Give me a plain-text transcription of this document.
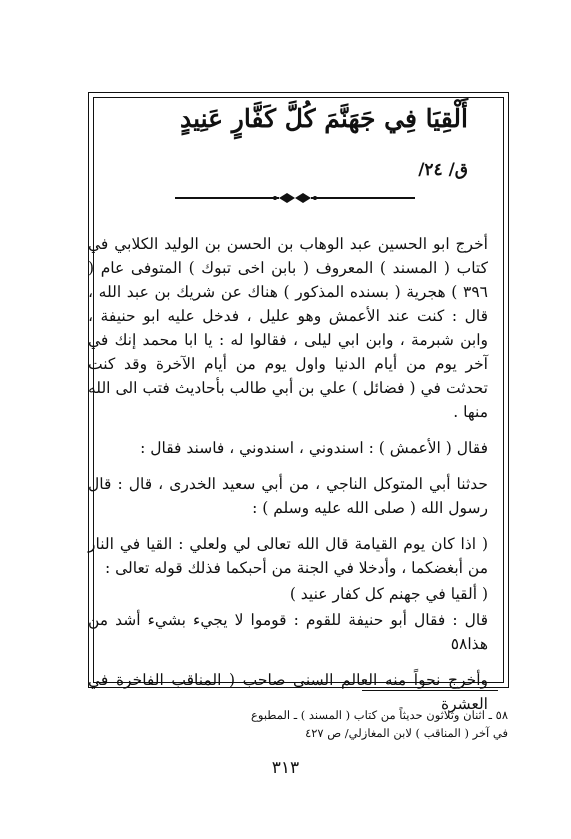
أَلْقِيَا فِي جَهَنَّمَ كُلَّ كَفَّارٍ عَنِيدٍ
ق/ ٢٤/

أخرج ابو الحسين عبد الوهاب بن الحسن بن الوليد الكلابي في كتاب ( المسند ) المعروف ( بابن اخى تبوك ) المتوفى عام ( ٣٩٦ ) هجرية ( بسنده المذكور ) هناك عن شريك بن عبد الله ، قال : كنت عند الأعمش وهو عليل ، فدخل عليه ابو حنيفة ، وابن شبرمة ، وابن ابي ليلى ، فقالوا له : يا ابا محمد إنك في آخر يوم من أيام الدنيا واول يوم من أيام الآخرة وقد كنت تحدثت في ( فضائل ) علي بن أبي طالب بأحاديث فتب الى الله منها .

فقال ( الأعمش ) : اسندوني ، اسندوني ، فاسند فقال :

حدثنا أبي المتوكل الناجي ، من أبي سعيد الخدرى ، قال : قال رسول الله ( صلى الله عليه وسلم ) :

( اذا كان يوم القيامة قال الله تعالى لي ولعلي : القيا في النار من أبغضكما ، وأدخلا في الجنة من أحبكما فذلك قوله تعالى :

( ألقيا في جهنم كل كفار عنيد )

قال : فقال أبو حنيفة للقوم : قوموا لا يجيء بشيء أشد من هذا٥٨

وأخرج نحواً منه العالم السنى صاحب ( المناقب الفاخرة في العشرة

٥٨ ـ اثنان وثلاثون حديثاً من كتاب ( المسند ) ـ المطبوع
في آخر ( المناقب ) لابن المغازلي/ ص ٤٢٧
٣١٣
